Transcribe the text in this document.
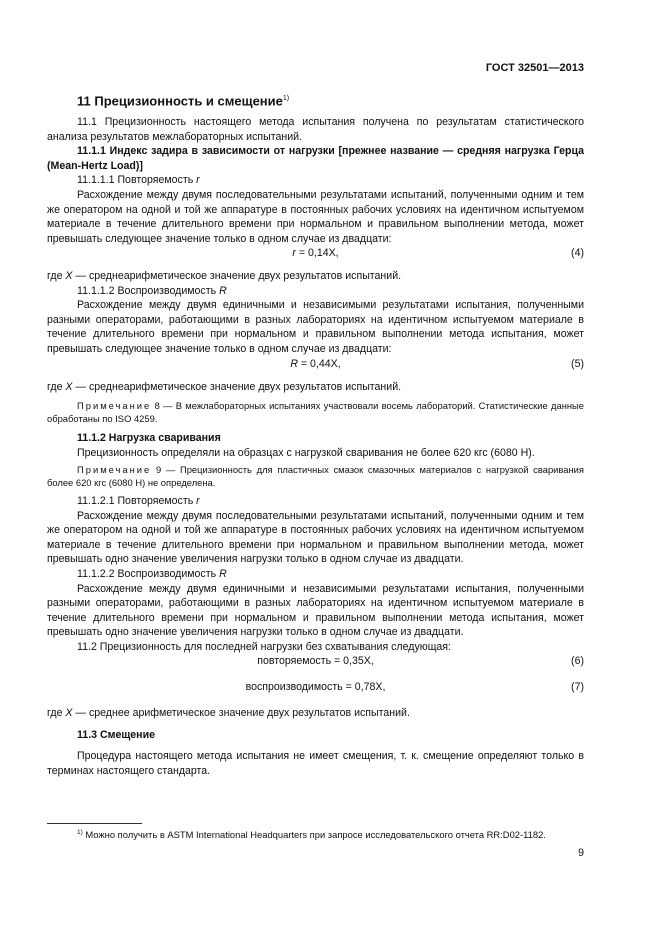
ГОСТ 32501—2013
11 Прецизионность и смещение$^{1)}$

11.1 Прецизионность настоящего метода испытания получена по результатам статистического анализа результатов межлабораторных испытаний.

11.1.1 Индекс задира в зависимости от нагрузки [прежнее название — средняя нагрузка Герца (Mean-Hertz Load)]

11.1.1.1 Повторяемость r

Расхождение между двумя последовательными результатами испытаний, полученными одним и тем же оператором на одной и той же аппаратуре в постоянных рабочих условиях на идентичном испытуемом материале в течение длительного времени при нормальном и правильном выполнении метода, может превышать следующее значение только в одном случае из двадцати:

r = 0,14X,	(4)

где X — среднеарифметическое значение двух результатов испытаний.

11.1.1.2 Воспроизводимость R

Расхождение между двумя единичными и независимыми результатами испытания, полученными разными операторами, работающими в разных лабораториях на идентичном испытуемом материале в течение длительного времени при нормальном и правильном выполнении метода испытания, может превышать следующее значение только в одном случае из двадцати:

R = 0,44X,	(5)

где X — среднеарифметическое значение двух результатов испытаний.

Примечание 8 — В межлабораторных испытаниях участвовали восемь лабораторий. Статистические данные обработаны по ISO 4259.

11.1.2 Нагрузка сваривания

Прецизионность определяли на образцах с нагрузкой сваривания не более 620 кгс (6080 Н).

Примечание 9 — Прецизионность для пластичных смазок смазочных материалов с нагрузкой сваривания более 620 кгс (6080 Н) не определена.

11.1.2.1 Повторяемость r

Расхождение между двумя последовательными результатами испытаний, полученными одним и тем же оператором на одной и той же аппаратуре в постоянных рабочих условиях на идентичном испытуемом материале в течение длительного времени при нормальном и правильном выполнении метода, может превышать одно значение увеличения нагрузки только в одном случае из двадцати.

11.1.2.2 Воспроизводимость R

Расхождение между двумя единичными и независимыми результатами испытания, полученными разными операторами, работающими в разных лабораториях на идентичном испытуемом материале в течение длительного времени при нормальном и правильном выполнении метода испытания, может превышать одно значение увеличения нагрузки только в одном случае из двадцати.

11.2 Прецизионность для последней нагрузки без схватывания следующая:

повторяемость = 0,35X,	(6)
воспроизводимость = 0,78X,	(7)

где X — среднее арифметическое значение двух результатов испытаний.

11.3 Смещение

Процедура настоящего метода испытания не имеет смещения, т. к. смещение определяют только в терминах настоящего стандарта.

$^{1)}$ Можно получить в ASTM International Headquarters при запросе исследовательского отчета RR:D02-1182.
9
